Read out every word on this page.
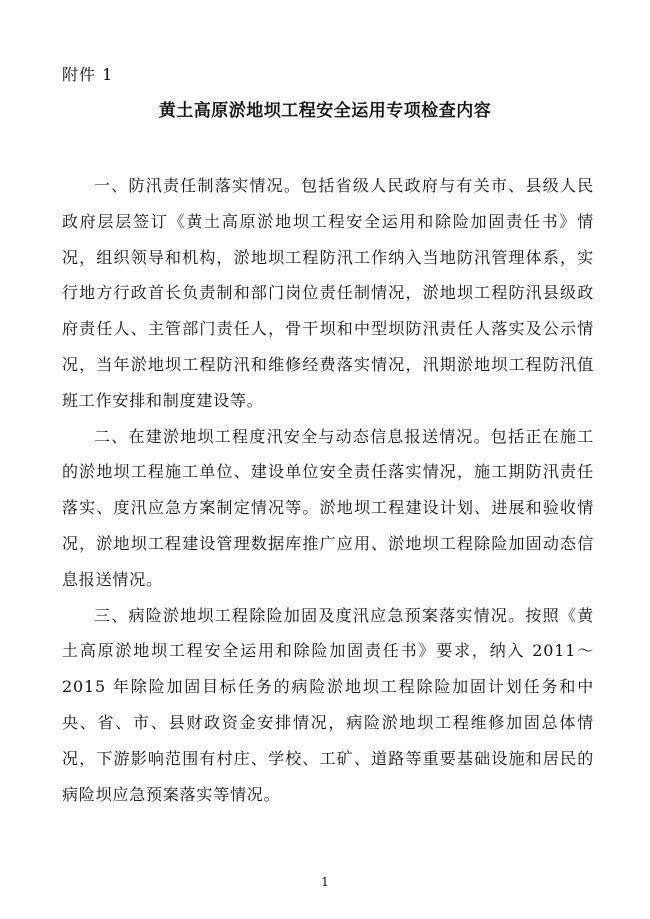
附件 1
黄土高原淤地坝工程安全运用专项检查内容

一、防汛责任制落实情况。包括省级人民政府与有关市、县级人民政府层层签订《黄土高原淤地坝工程安全运用和除险加固责任书》情况，组织领导和机构，淤地坝工程防汛工作纳入当地防汛管理体系，实行地方行政首长负责制和部门岗位责任制情况，淤地坝工程防汛县级政府责任人、主管部门责任人，骨干坝和中型坝防汛责任人落实及公示情况，当年淤地坝工程防汛和维修经费落实情况，汛期淤地坝工程防汛值班工作安排和制度建设等。

二、在建淤地坝工程度汛安全与动态信息报送情况。包括正在施工的淤地坝工程施工单位、建设单位安全责任落实情况，施工期防汛责任落实、度汛应急方案制定情况等。淤地坝工程建设计划、进展和验收情况，淤地坝工程建设管理数据库推广应用、淤地坝工程除险加固动态信息报送情况。

三、病险淤地坝工程除险加固及度汛应急预案落实情况。按照《黄土高原淤地坝工程安全运用和除险加固责任书》要求，纳入 2011～2015 年除险加固目标任务的病险淤地坝工程除险加固计划任务和中央、省、市、县财政资金安排情况，病险淤地坝工程维修加固总体情况，下游影响范围有村庄、学校、工矿、道路等重要基础设施和居民的病险坝应急预案落实等情况。

1
